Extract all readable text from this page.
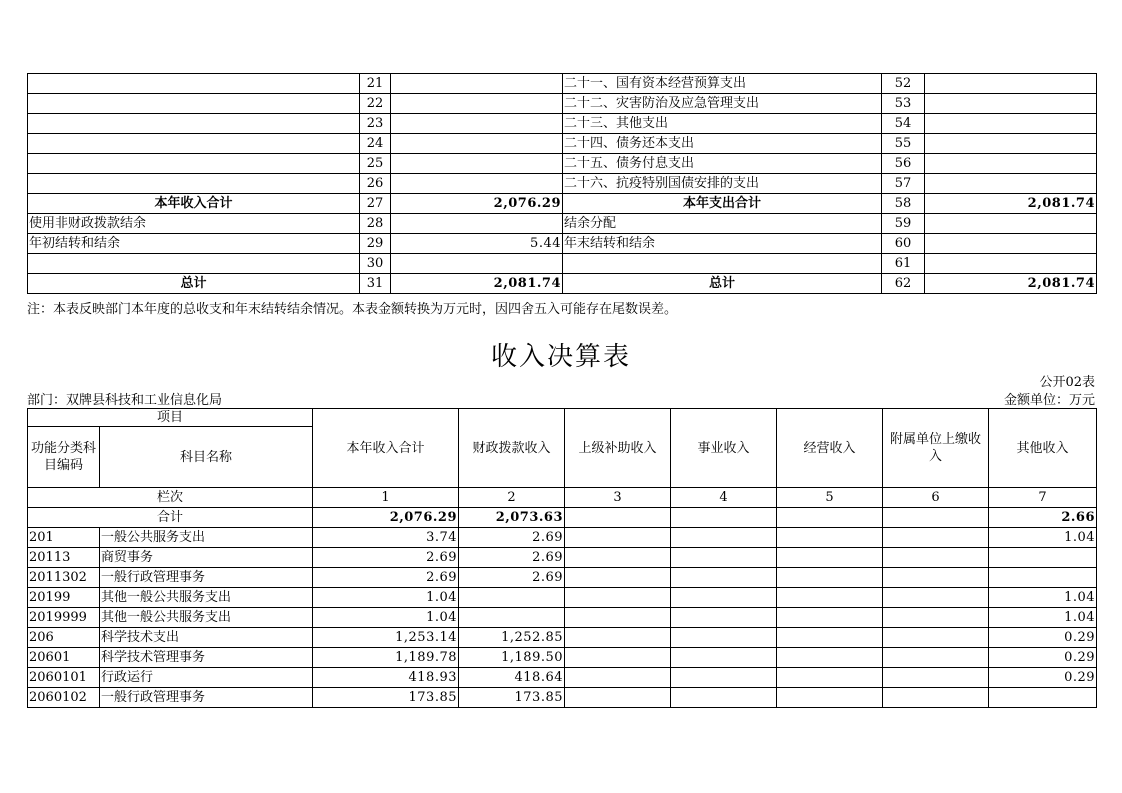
	21		二十一、国有资本经营预算支出	52	
	22		二十二、灾害防治及应急管理支出	53	
	23		二十三、其他支出	54	
	24		二十四、债务还本支出	55	
	25		二十五、债务付息支出	56	
	26		二十六、抗疫特别国债安排的支出	57	
本年收入合计	27	2,076.29	本年支出合计	58	2,081.74
使用非财政拨款结余	28		结余分配	59	
年初结转和结余	29	5.44	年末结转和结余	60	
	30			61	
总计	31	2,081.74	总计	62	2,081.74
注：本表反映部门本年度的总收支和年末结转结余情况。本表金额转换为万元时，因四舍五入可能存在尾数误差。
收入决算表
公开02表
部门：双牌县科技和工业信息化局	金额单位：万元
项目		本年收入合计	财政拨款收入	上级补助收入	事业收入	经营收入	附属单位上缴收入	其他收入
功能分类科目编码	科目名称							
栏次		1	2	3	4	5	6	7
合计		2,076.29	2,073.63					2.66
201	一般公共服务支出	3.74	2.69					1.04
20113	商贸事务	2.69	2.69					
2011302	一般行政管理事务	2.69	2.69					
20199	其他一般公共服务支出	1.04						1.04
2019999	其他一般公共服务支出	1.04						1.04
206	科学技术支出	1,253.14	1,252.85					0.29
20601	科学技术管理事务	1,189.78	1,189.50					0.29
2060101	行政运行	418.93	418.64					0.29
2060102	一般行政管理事务	173.85	173.85					
